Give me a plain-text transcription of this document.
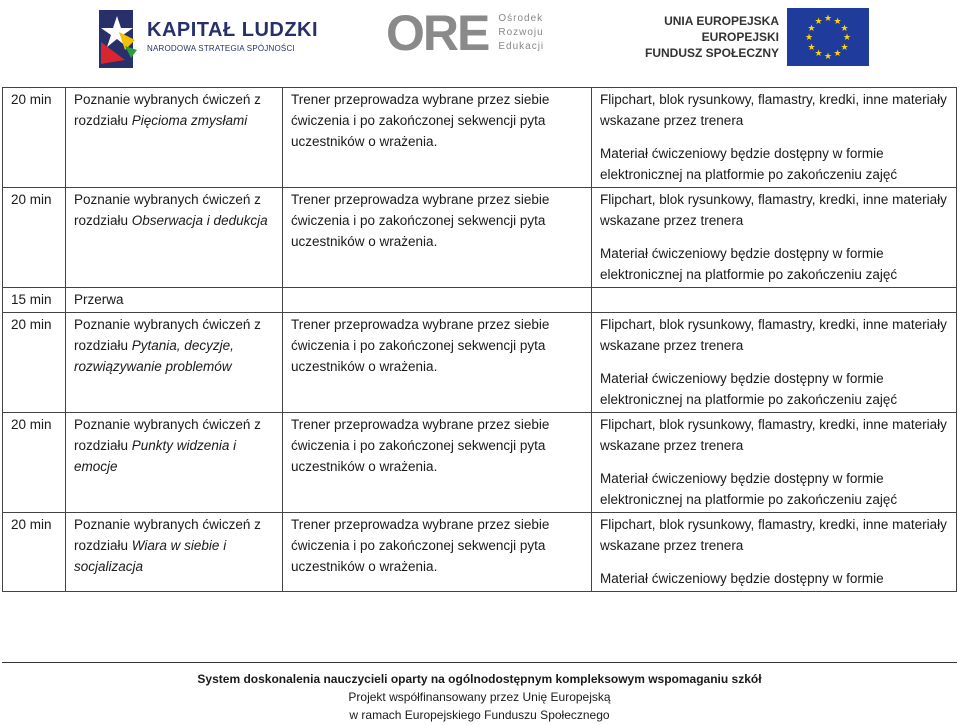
KAPITAŁ LUDZKI
NARODOWA STRATEGIA SPÓJNOŚCI	ORE Ośrodek
Rozwoju
Edukacji
UNIA EUROPEJSKA
EUROPEJSKI
FUNDUSZ SPOŁECZNY
★ ★
★
★
★
★
★
★
★
★
★
★
20 min	Poznanie wybranych ćwiczeń z rozdziału Pięcioma zmysłami	Trener przeprowadza wybrane przez siebie ćwiczenia i po zakończonej sekwencji pyta uczestników o wrażenia.	Flipchart, blok rysunkowy, flamastry, kredki, inne materiały wskazane przez trenera
Materiał ćwiczeniowy będzie dostępny w formie elektronicznej na platformie po zakończeniu zajęć

20 min	Poznanie wybranych ćwiczeń z rozdziału Obserwacja i dedukcja	Trener przeprowadza wybrane przez siebie ćwiczenia i po zakończonej sekwencji pyta uczestników o wrażenia.	Flipchart, blok rysunkowy, flamastry, kredki, inne materiały wskazane przez trenera
Materiał ćwiczeniowy będzie dostępny w formie elektronicznej na platformie po zakończeniu zajęć

15 min	Przerwa		
20 min	Poznanie wybranych ćwiczeń z rozdziału Pytania, decyzje, rozwiązywanie problemów	Trener przeprowadza wybrane przez siebie ćwiczenia i po zakończonej sekwencji pyta uczestników o wrażenia.	Flipchart, blok rysunkowy, flamastry, kredki, inne materiały wskazane przez trenera
Materiał ćwiczeniowy będzie dostępny w formie elektronicznej na platformie po zakończeniu zajęć

20 min	Poznanie wybranych ćwiczeń z rozdziału Punkty widzenia i emocje	Trener przeprowadza wybrane przez siebie ćwiczenia i po zakończonej sekwencji pyta uczestników o wrażenia.	Flipchart, blok rysunkowy, flamastry, kredki, inne materiały wskazane przez trenera
Materiał ćwiczeniowy będzie dostępny w formie elektronicznej na platformie po zakończeniu zajęć

20 min	Poznanie wybranych ćwiczeń z rozdziału Wiara w siebie i socjalizacja	Trener przeprowadza wybrane przez siebie ćwiczenia i po zakończonej sekwencji pyta uczestników o wrażenia.	Flipchart, blok rysunkowy, flamastry, kredki, inne materiały wskazane przez trenera
Materiał ćwiczeniowy będzie dostępny w formie
System doskonalenia nauczycieli oparty na ogólnodostępnym kompleksowym wspomaganiu szkół
Projekt współfinansowany przez Unię Europejską
w ramach Europejskiego Funduszu Społecznego
